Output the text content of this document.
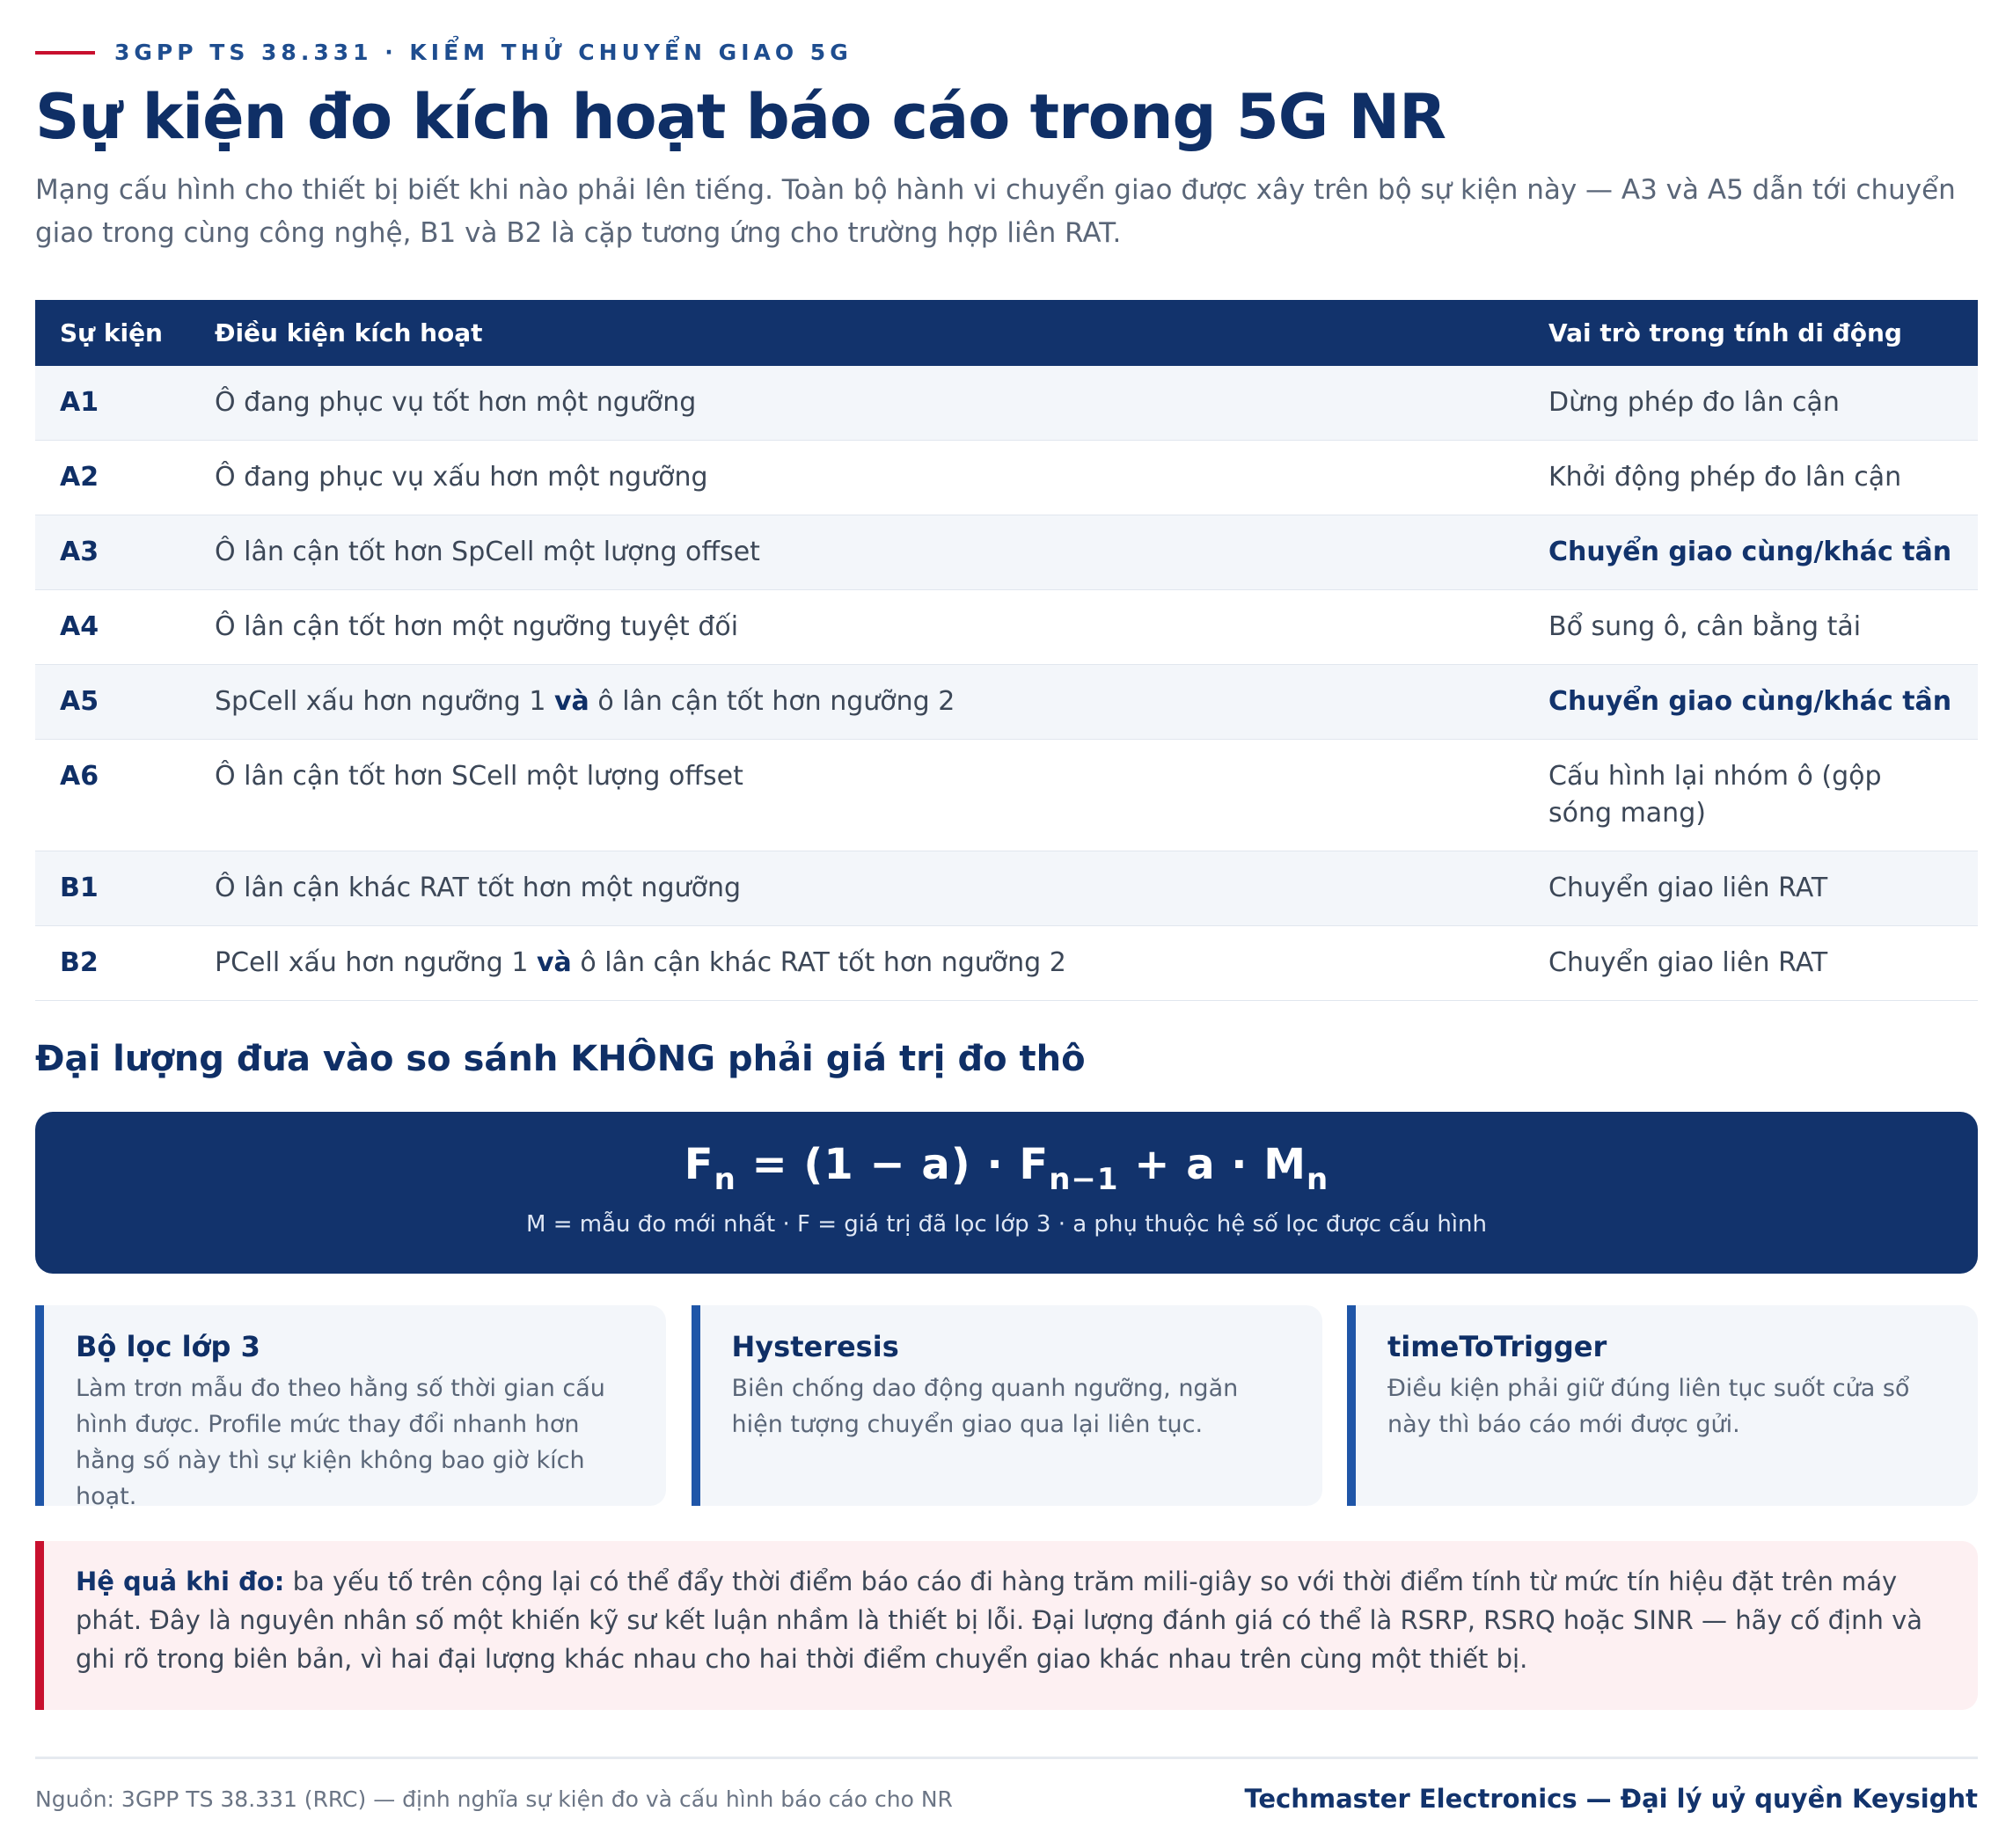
3GPP TS 38.331 · KIỂM THỬ CHUYỂN GIAO 5G
Sự kiện đo kích hoạt báo cáo trong 5G NR

Mạng cấu hình cho thiết bị biết khi nào phải lên tiếng. Toàn bộ hành vi chuyển giao được xây trên bộ sự kiện này — A3 và A5 dẫn tới chuyển giao trong cùng công nghệ, B1 và B2 là cặp tương ứng cho trường hợp liên RAT.

Sự kiện	Điều kiện kích hoạt	Vai trò trong tính di động
A1	Ô đang phục vụ tốt hơn một ngưỡng	Dừng phép đo lân cận
A2	Ô đang phục vụ xấu hơn một ngưỡng	Khởi động phép đo lân cận
A3	Ô lân cận tốt hơn SpCell một lượng offset	Chuyển giao cùng/khác tần
A4	Ô lân cận tốt hơn một ngưỡng tuyệt đối	Bổ sung ô, cân bằng tải
A5	SpCell xấu hơn ngưỡng 1 và ô lân cận tốt hơn ngưỡng 2	Chuyển giao cùng/khác tần
A6	Ô lân cận tốt hơn SCell một lượng offset	Cấu hình lại nhóm ô (gộp sóng mang)
B1	Ô lân cận khác RAT tốt hơn một ngưỡng	Chuyển giao liên RAT
B2	PCell xấu hơn ngưỡng 1 và ô lân cận khác RAT tốt hơn ngưỡng 2	Chuyển giao liên RAT
Đại lượng đưa vào so sánh KHÔNG phải giá trị đo thô
$F_n = (1 - a) \cdot F_{n-1} + a \cdot M_n$
M = mẫu đo mới nhất · F = giá trị đã lọc lớp 3 · a phụ thuộc hệ số lọc được cấu hình

Bộ lọc lớp 3

Làm trơn mẫu đo theo hằng số thời gian cấu hình được. Profile mức thay đổi nhanh hơn hằng số này thì sự kiện không bao giờ kích hoạt.

Hysteresis

Biên chống dao động quanh ngưỡng, ngăn hiện tượng chuyển giao qua lại liên tục.

timeToTrigger

Điều kiện phải giữ đúng liên tục suốt cửa sổ này thì báo cáo mới được gửi.

Hệ quả khi đo: ba yếu tố trên cộng lại có thể đẩy thời điểm báo cáo đi hàng trăm mili-giây so với thời điểm tính từ mức tín hiệu đặt trên máy phát. Đây là nguyên nhân số một khiến kỹ sư kết luận nhầm là thiết bị lỗi. Đại lượng đánh giá có thể là RSRP, RSRQ hoặc SINR — hãy cố định và ghi rõ trong biên bản, vì hai đại lượng khác nhau cho hai thời điểm chuyển giao khác nhau trên cùng một thiết bị.
Nguồn: 3GPP TS 38.331 (RRC) — định nghĩa sự kiện đo và cấu hình báo cáo cho NR	Techmaster Electronics — Đại lý uỷ quyền Keysight
